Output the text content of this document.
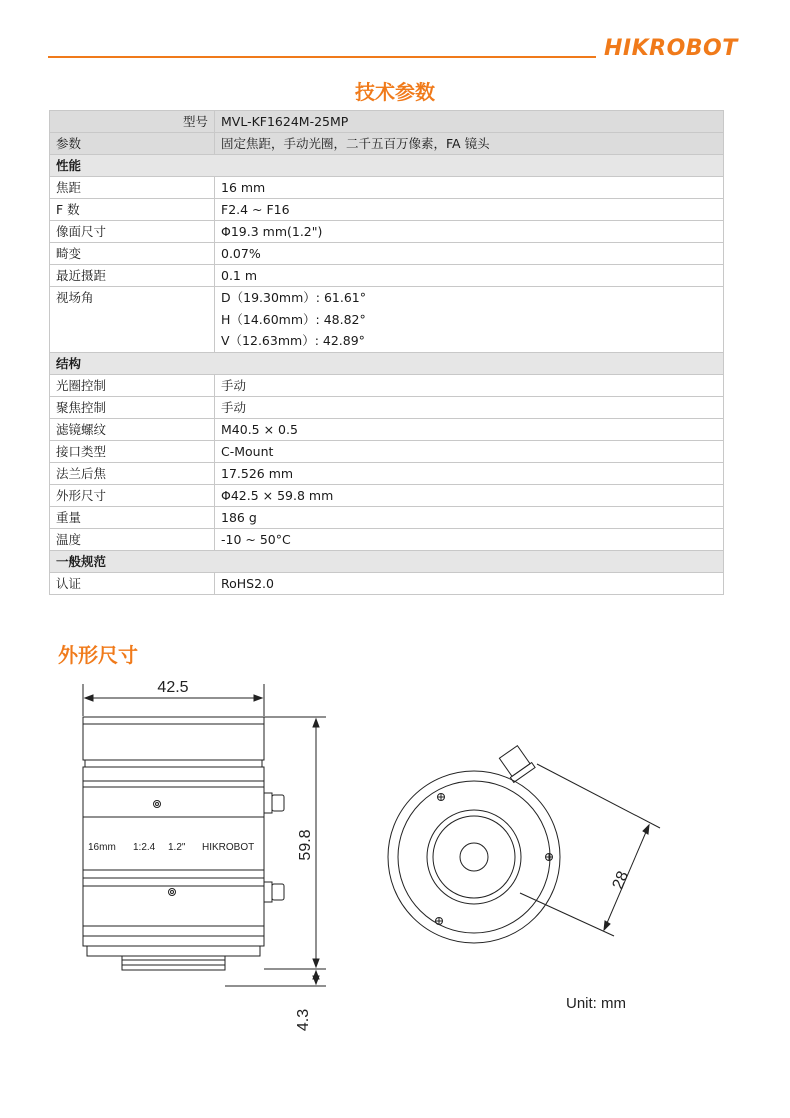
HIKROBOT
技术参数
型号	MVL-KF1624M-25MP
参数	固定焦距，手动光圈，二千五百万像素，FA 镜头
性能	
焦距	16 mm
F 数	F2.4 ~ F16
像面尺寸	Φ19.3 mm(1.2")
畸变	0.07%
最近摄距	0.1 m
视场角	D（19.30mm）: 61.61°
H（14.60mm）: 48.82°
V（12.63mm）: 42.89°

结构	
光圈控制	手动
聚焦控制	手动
滤镜螺纹	M40.5 × 0.5
接口类型	C-Mount
法兰后焦	17.526 mm
外形尺寸	Φ42.5 × 59.8 mm
重量	186 g
温度	-10 ~ 50°C
一般规范	
认证	RoHS2.0
外形尺寸
42.5
59.8
4.3
16mm 1:2.4 1.2" HIKROBOT
28
Unit: mm
